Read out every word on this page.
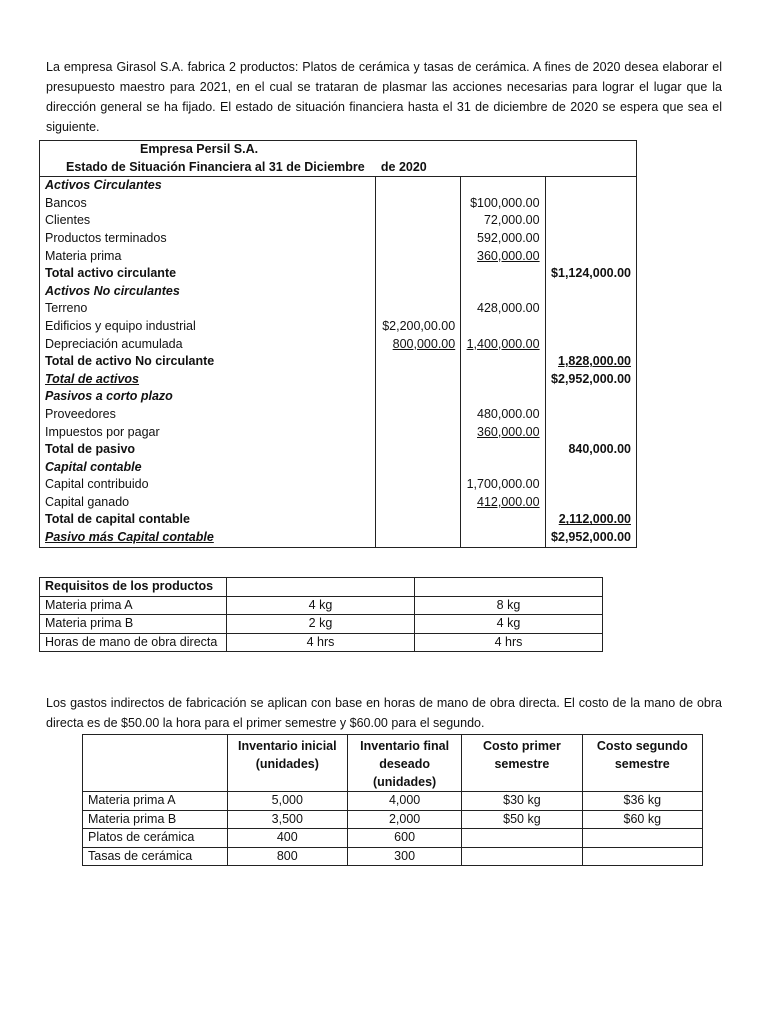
La empresa Girasol S.A. fabrica 2 productos: Platos de cerámica y tasas de cerámica. A fines de 2020 desea elaborar el presupuesto maestro para 2021, en el cual se trataran de plasmar las acciones necesarias para lograr el lugar que la dirección general se ha fijado. El estado de situación financiera hasta el 31 de diciembre de 2020 se espera que sea el siguiente.

Empresa Persil S.A.			
Estado de Situación Financiera al 31 de Diciembre	de 2020		
Activos Circulantes			
Bancos		$100,000.00	
Clientes		72,000.00	
Productos terminados		592,000.00	
Materia prima		360,000.00	
Total activo circulante			$1,124,000.00
Activos No circulantes			
Terreno		428,000.00	
Edificios y equipo industrial	$2,200,00.00		
Depreciación acumulada	800,000.00	1,400,000.00	
Total de activo No circulante			1,828,000.00
Total de activos			$2,952,000.00
Pasivos a corto plazo			
Proveedores		480,000.00	
Impuestos por pagar		360,000.00	
Total de pasivo			840,000.00
Capital contable			
Capital contribuido		1,700,000.00	
Capital ganado		412,000.00	
Total de capital contable			2,112,000.00
Pasivo más Capital contable			$2,952,000.00
Requisitos de los productos		
Materia prima A	4 kg	8 kg
Materia prima B	2 kg	4 kg
Horas de mano de obra directa	4 hrs	4 hrs

Los gastos indirectos de fabricación se aplican con base en horas de mano de obra directa. El costo de la mano de obra directa es de $50.00 la hora para el primer semestre y $60.00 para el segundo.

	Inventario inicial (unidades)	Inventario final deseado (unidades)	Costo primer semestre	Costo segundo semestre
Materia prima A	5,000	4,000	$30 kg	$36 kg
Materia prima B	3,500	2,000	$50 kg	$60 kg
Platos de cerámica	400	600		
Tasas de cerámica	800	300		
